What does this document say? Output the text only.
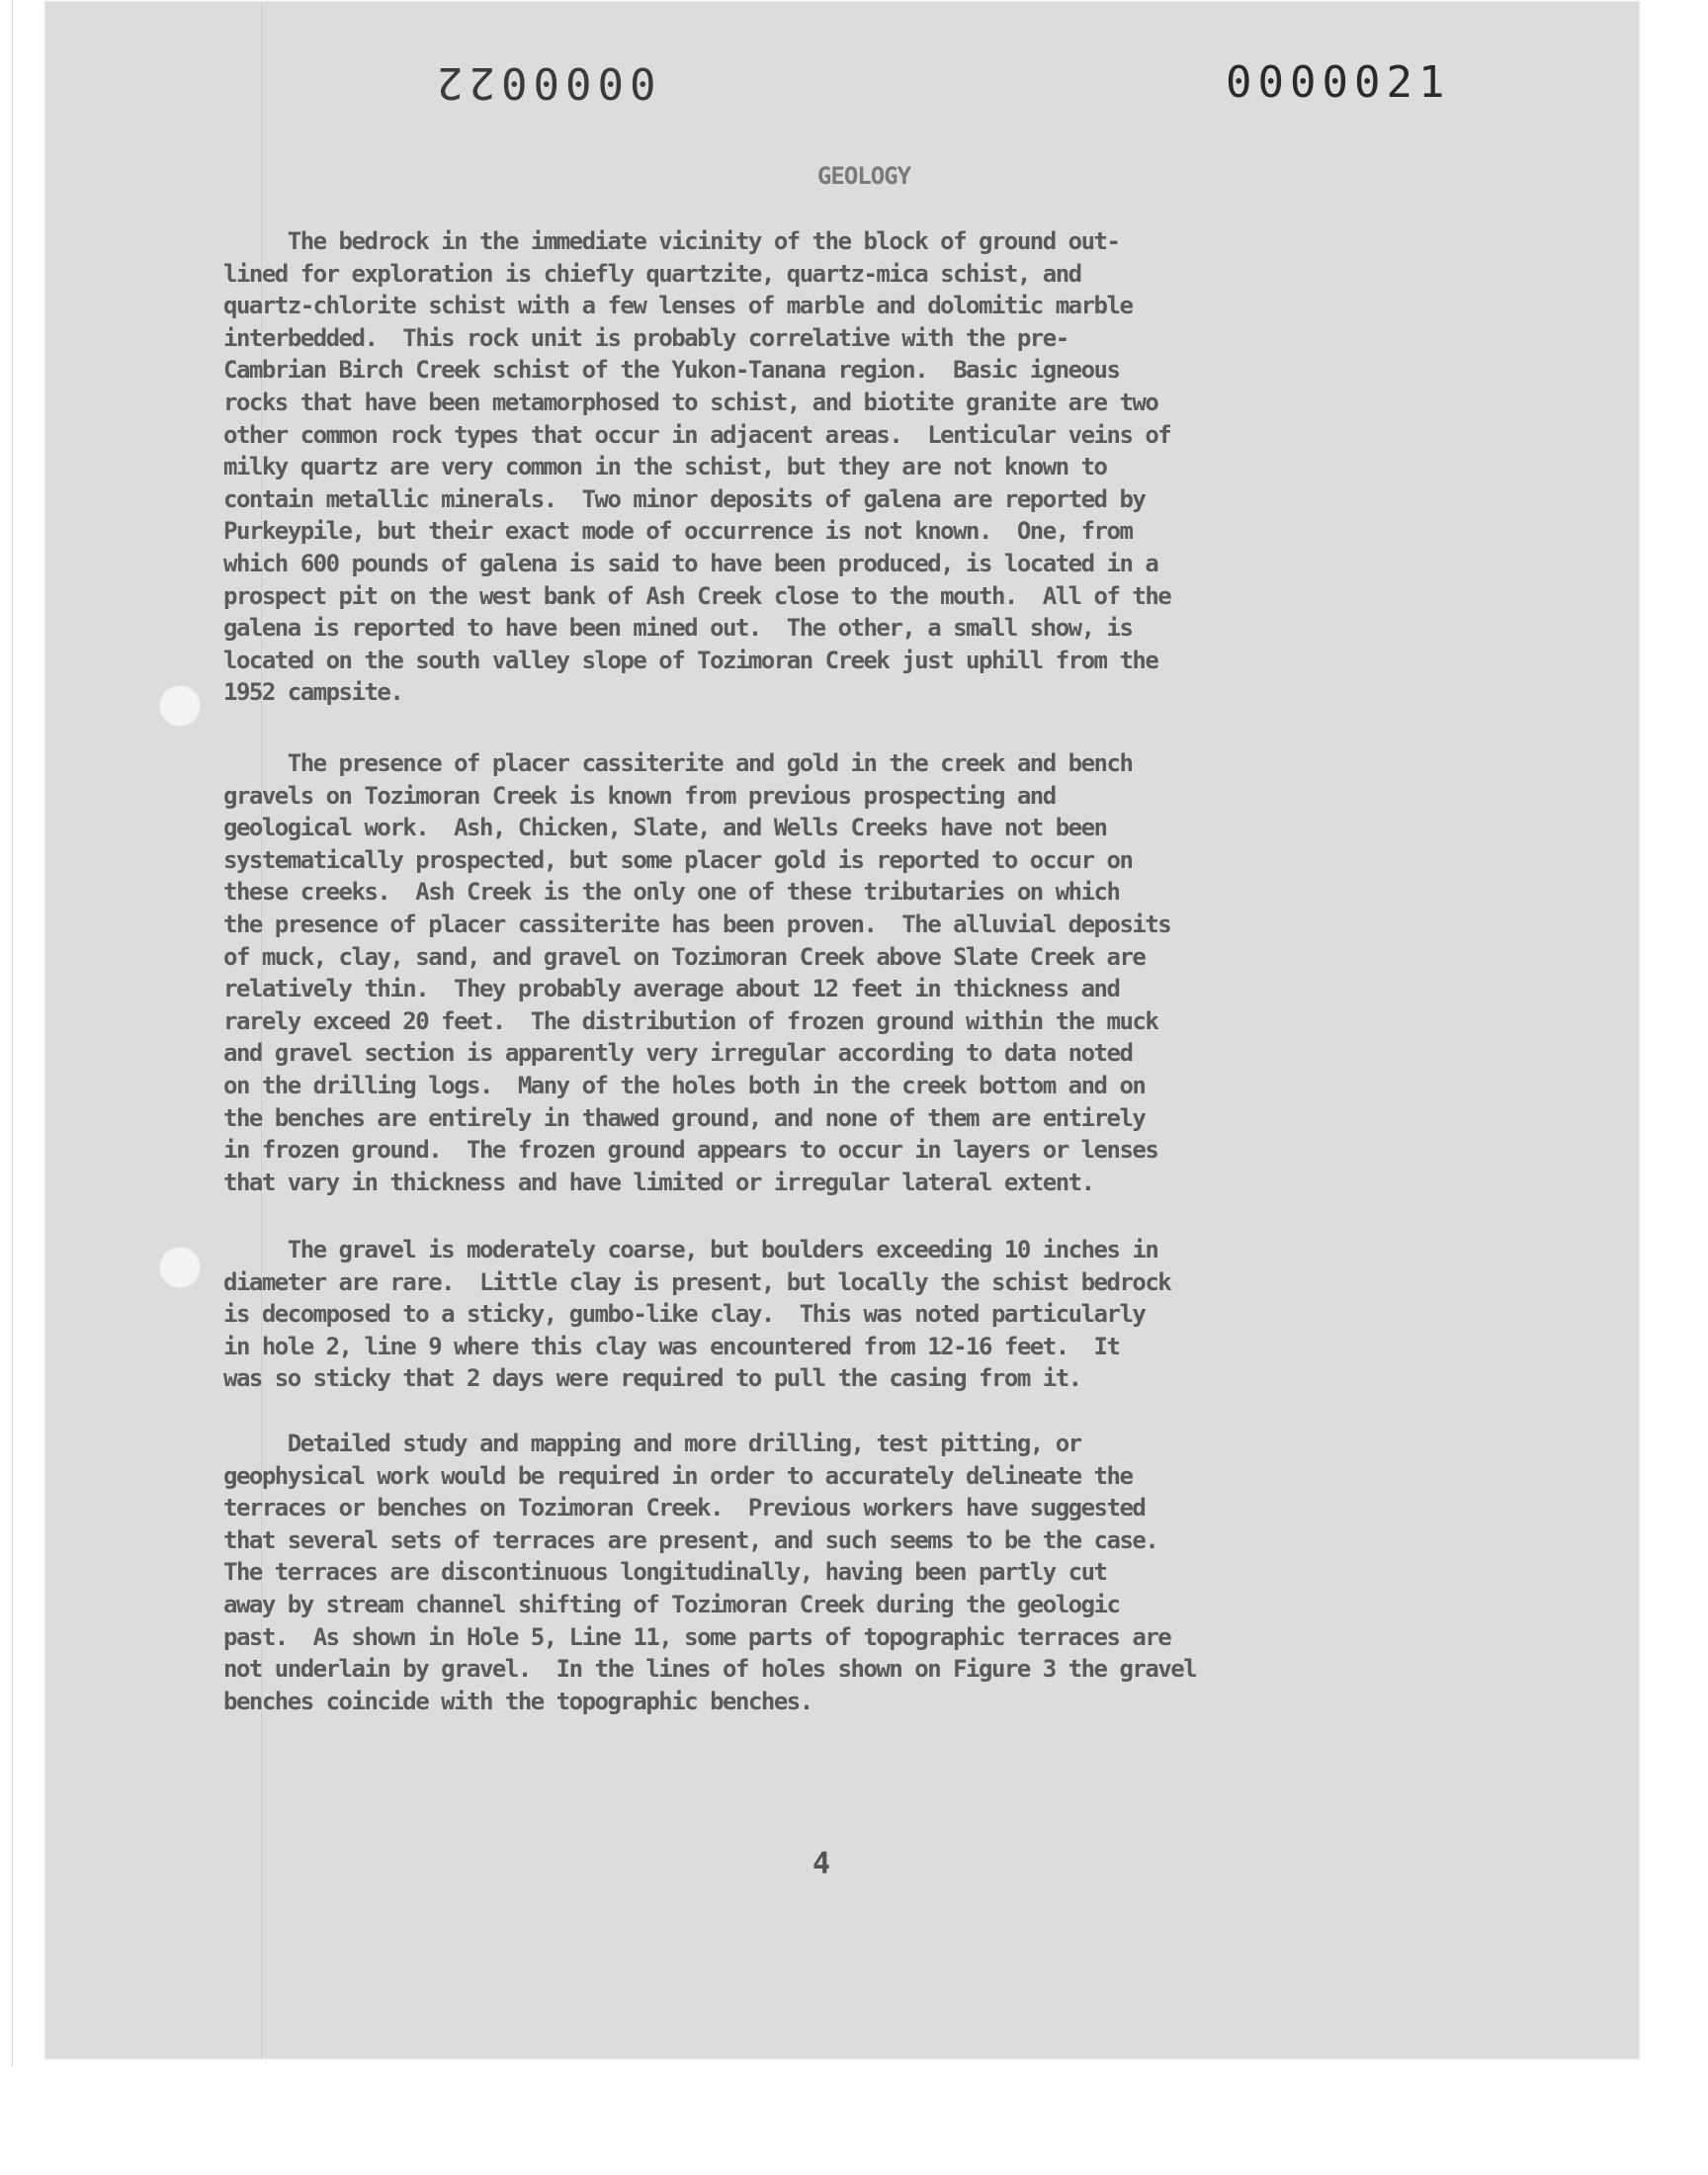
0000022	0000021
GEOLOGY

The bedrock in the immediate vicinity of the block of ground out-
lined for exploration is chiefly quartzite, quartz-mica schist, and
quartz-chlorite schist with a few lenses of marble and dolomitic marble
interbedded.  This rock unit is probably correlative with the pre-
Cambrian Birch Creek schist of the Yukon-Tanana region.  Basic igneous
rocks that have been metamorphosed to schist, and biotite granite are two
other common rock types that occur in adjacent areas.  Lenticular veins of
milky quartz are very common in the schist, but they are not known to
contain metallic minerals.  Two minor deposits of galena are reported by
Purkeypile, but their exact mode of occurrence is not known.  One, from
which 600 pounds of galena is said to have been produced, is located in a
prospect pit on the west bank of Ash Creek close to the mouth.  All of the
galena is reported to have been mined out.  The other, a small show, is
located on the south valley slope of Tozimoran Creek just uphill from the
1952 campsite.

The presence of placer cassiterite and gold in the creek and bench
gravels on Tozimoran Creek is known from previous prospecting and
geological work.  Ash, Chicken, Slate, and Wells Creeks have not been
systematically prospected, but some placer gold is reported to occur on
these creeks.  Ash Creek is the only one of these tributaries on which
the presence of placer cassiterite has been proven.  The alluvial deposits
of muck, clay, sand, and gravel on Tozimoran Creek above Slate Creek are
relatively thin.  They probably average about 12 feet in thickness and
rarely exceed 20 feet.  The distribution of frozen ground within the muck
and gravel section is apparently very irregular according to data noted
on the drilling logs.  Many of the holes both in the creek bottom and on
the benches are entirely in thawed ground, and none of them are entirely
in frozen ground.  The frozen ground appears to occur in layers or lenses
that vary in thickness and have limited or irregular lateral extent.

The gravel is moderately coarse, but boulders exceeding 10 inches in
diameter are rare.  Little clay is present, but locally the schist bedrock
is decomposed to a sticky, gumbo-like clay.  This was noted particularly
in hole 2, line 9 where this clay was encountered from 12-16 feet.  It
was so sticky that 2 days were required to pull the casing from it.

Detailed study and mapping and more drilling, test pitting, or
geophysical work would be required in order to accurately delineate the
terraces or benches on Tozimoran Creek.  Previous workers have suggested
that several sets of terraces are present, and such seems to be the case.
The terraces are discontinuous longitudinally, having been partly cut
away by stream channel shifting of Tozimoran Creek during the geologic
past.  As shown in Hole 5, Line 11, some parts of topographic terraces are
not underlain by gravel.  In the lines of holes shown on Figure 3 the gravel
benches coincide with the topographic benches.

4
